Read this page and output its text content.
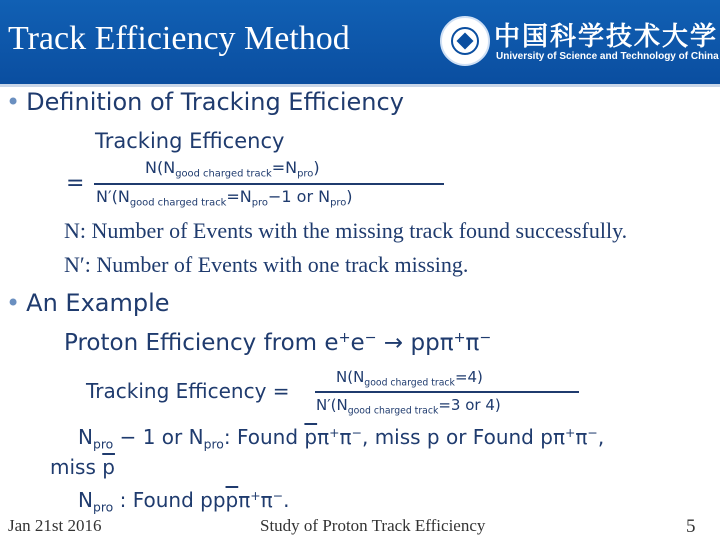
Track Efficiency Method	中国科学技术大学
University of Science and Technology of China
• Definition of Tracking Efficiency
Tracking Efficency
=
$N(N_{good charged track}=N_{pro})$
$N'(N_{good charged track}=N_{pro}-1$ or $N_{pro}$)
N: Number of Events with the missing track found successfully.
N′: Number of Events with one track missing.
• An Example
Proton Efficiency from e+e− → ppπ+π−
Tracking Efficency =
$N(N_{good charged track}=4)$
$N'(N_{good charged track}=3$ or 4)
$N_{pro} - 1$ or $N_{pro}$: Found $\overline{p}\pi^+\pi^-$, miss p or Found pπ+π−,
miss $\overline{p}$
$N_{pro}$ : Found $pp\overline{p}\pi^+\pi^-$.
Jan 21st 2016	Study of Proton Track Efficiency	5
